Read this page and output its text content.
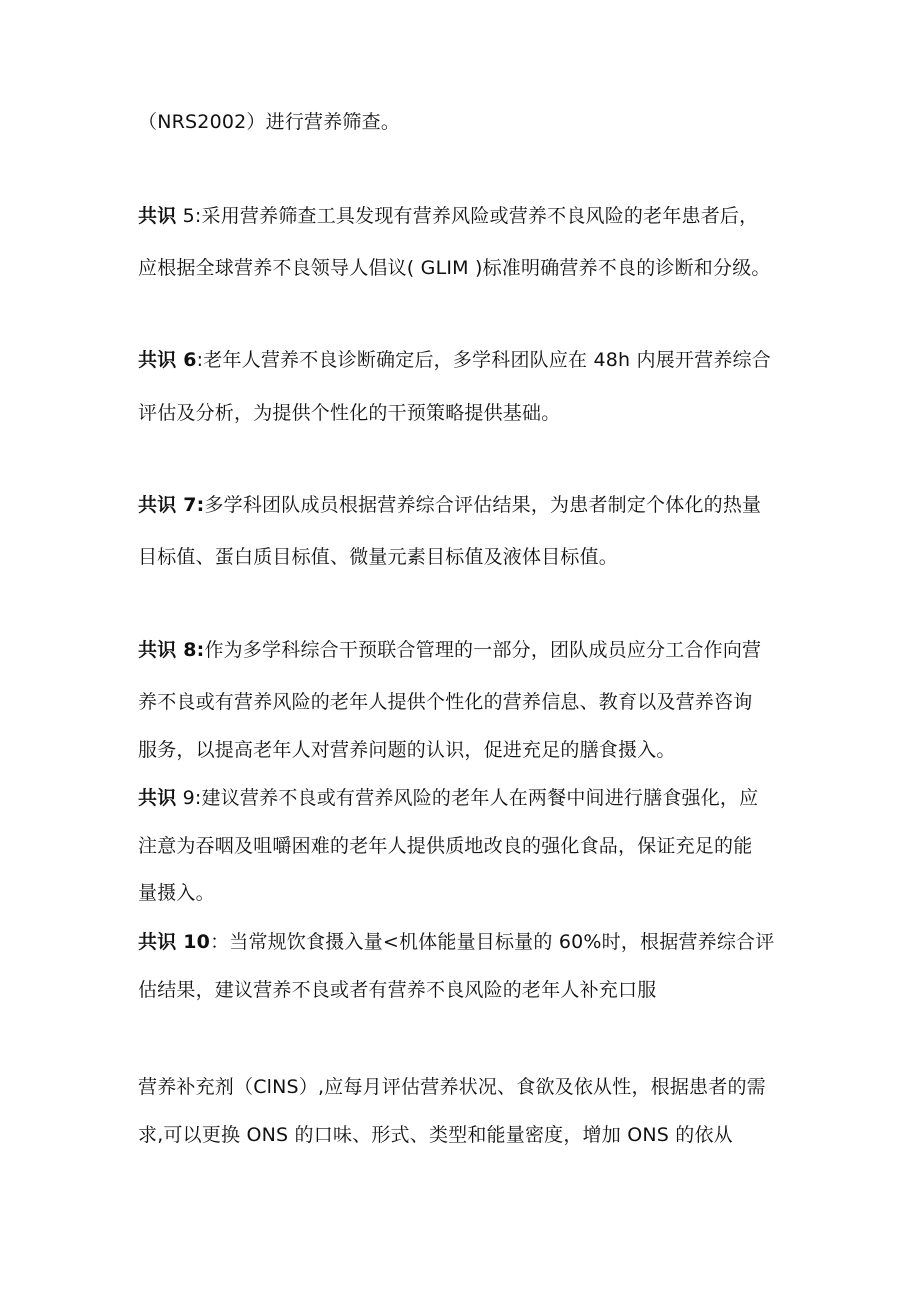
（NRS2002）进行营养筛查。
共识 5:采用营养筛查工具发现有营养风险或营养不良风险的老年患者后，
应根据全球营养不良领导人倡议( GLIM )标准明确营养不良的诊断和分级。
共识 6:老年人营养不良诊断确定后，多学科团队应在 48h 内展开营养综合
评估及分析，为提供个性化的干预策略提供基础。
共识 7:多学科团队成员根据营养综合评估结果，为患者制定个体化的热量
目标值、蛋白质目标值、微量元素目标值及液体目标值。
共识 8:作为多学科综合干预联合管理的一部分，团队成员应分工合作向营
养不良或有营养风险的老年人提供个性化的营养信息、教育以及营养咨询
服务，以提高老年人对营养问题的认识，促进充足的膳食摄入。
共识 9:建议营养不良或有营养风险的老年人在两餐中间进行膳食强化，应
注意为吞咽及咀嚼困难的老年人提供质地改良的强化食品，保证充足的能
量摄入。
共识 10：当常规饮食摄入量<机体能量目标量的 60%时，根据营养综合评
估结果，建议营养不良或者有营养不良风险的老年人补充口服
营养补充剂（ClNS）,应每月评估营养状况、食欲及依从性，根据患者的需
求,可以更换 ONS 的口味、形式、类型和能量密度，增加 ONS 的依从
